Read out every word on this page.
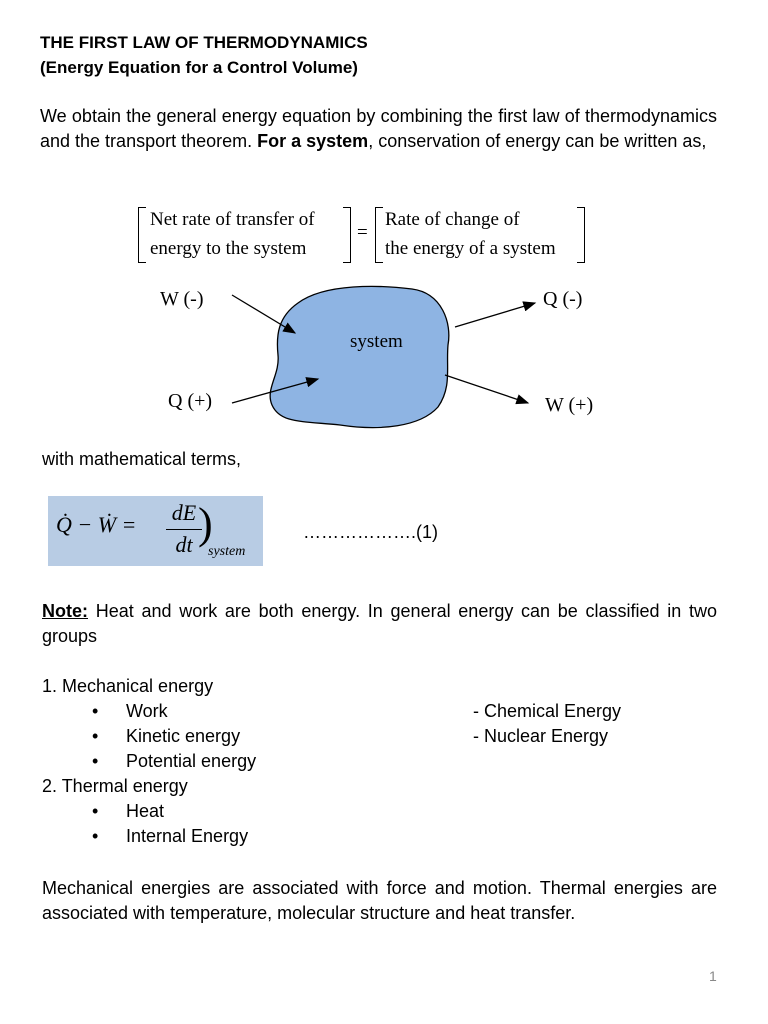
THE FIRST LAW OF THERMODYNAMICS
(Energy Equation for a Control Volume)
We obtain the general energy equation by combining the first law of thermodynamics and the transport theorem. For a system, conservation of energy can be written as,
Net rate of transfer of
energy to the system
=
Rate of change of
the energy of a system
system
W (-)
Q (+)
Q (-)
W (+)
with mathematical terms,
Q̇ − Ẇ = dE
dt )
system
……………….(1)
Note: Heat and work are both energy. In general energy can be classified in two groups
1. Mechanical energy
• Work	- Chemical Energy
• Kinetic energy	- Nuclear Energy
• Potential energy
2. Thermal energy
• Heat
• Internal Energy
Mechanical energies are associated with force and motion. Thermal energies are associated with temperature, molecular structure and heat transfer.
1
